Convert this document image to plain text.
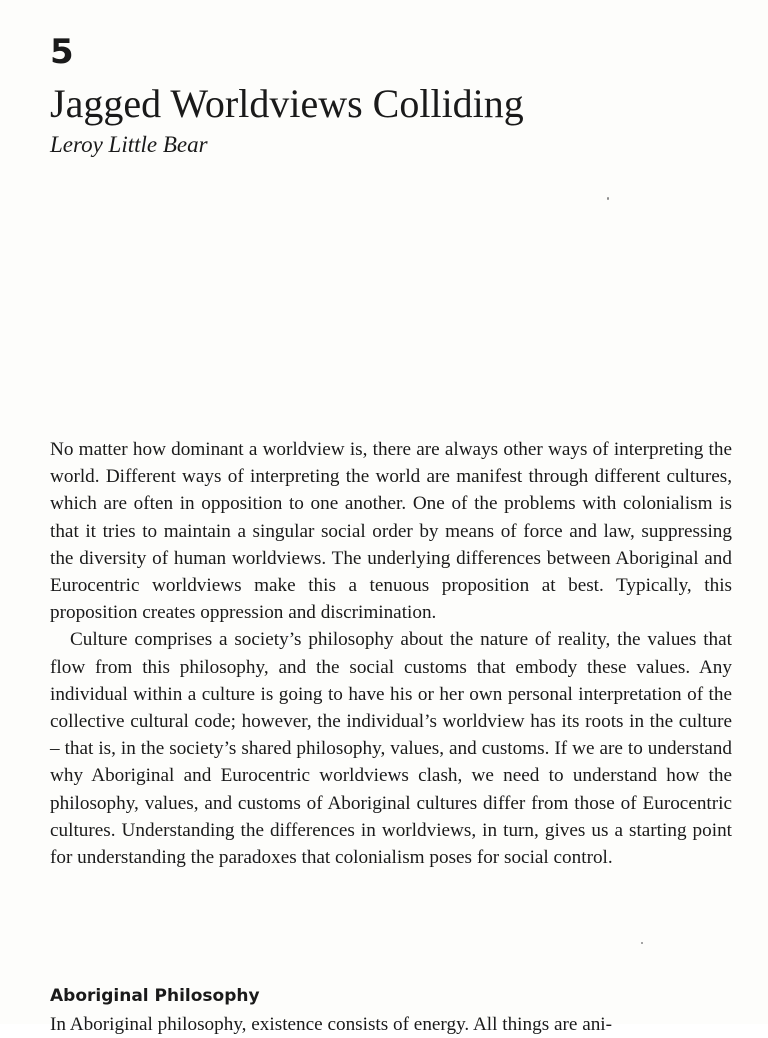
5
Jagged Worldviews Colliding
Leroy Little Bear

No matter how dominant a worldview is, there are always other ways of interpreting the world. Different ways of interpreting the world are manifest through different cultures, which are often in opposition to one another. One of the problems with colonialism is that it tries to maintain a singular social order by means of force and law, suppressing the diversity of human worldviews. The underlying differences between Aboriginal and Eurocentric worldviews make this a tenuous proposition at best. Typically, this proposition creates oppression and discrimination.

Culture comprises a society’s philosophy about the nature of reality, the values that flow from this philosophy, and the social customs that embody these values. Any individual within a culture is going to have his or her own personal interpretation of the collective cultural code; however, the individual’s worldview has its roots in the culture – that is, in the society’s shared philosophy, values, and customs. If we are to understand why Aboriginal and Eurocentric worldviews clash, we need to understand how the philosophy, values, and customs of Aboriginal cultures differ from those of Eurocentric cultures. Understanding the differences in worldviews, in turn, gives us a starting point for understanding the paradoxes that colonialism poses for social control.

Aboriginal Philosophy
In Aboriginal philosophy, existence consists of energy. All things are ani-
